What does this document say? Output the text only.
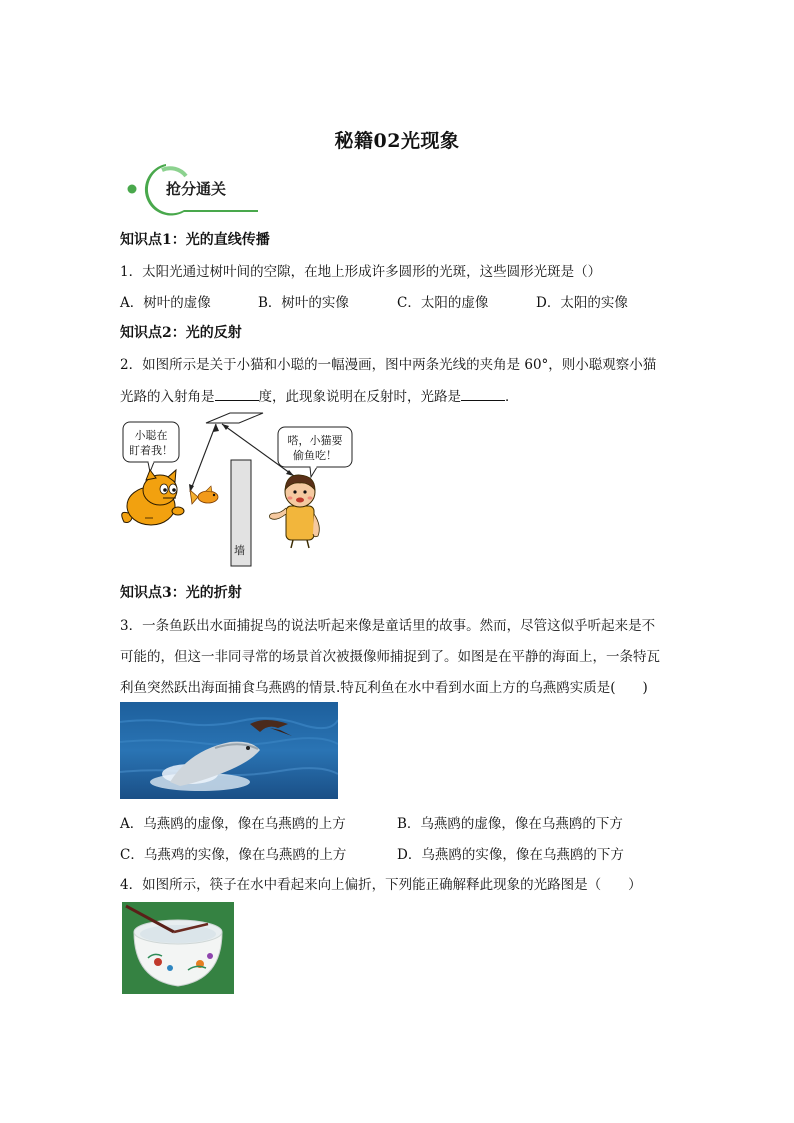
秘籍02光现象
抢分通关
知识点1：光的直线传播
1．太阳光通过树叶间的空隙，在地上形成许多圆形的光斑，这些圆形光斑是（）
A．树叶的虚像	B．树叶的实像	C．太阳的虚像	D．太阳的实像
知识点2：光的反射
2．如图所示是关于小猫和小聪的一幅漫画，图中两条光线的夹角是 60°，则小聪观察小猫
光路的入射角是	度，此现象说明在反射时，光路是	．
小聪在
盯着我！
嗒，小猫要
偷鱼吃！
墙
知识点3：光的折射
3．一条鱼跃出水面捕捉鸟的说法听起来像是童话里的故事。然而，尽管这似乎听起来是不
可能的，但这一非同寻常的场景首次被摄像师捕捉到了。如图是在平静的海面上，一条特瓦
利鱼突然跃出海面捕食乌燕鸥的情景.特瓦利鱼在水中看到水面上方的乌燕鸥实质是(　　)
A．乌燕鸥的虚像，像在乌燕鸥的上方	B．乌燕鸥的虚像，像在乌燕鸥的下方
C．乌燕鸡的实像，像在乌燕鸥的上方	D．乌燕鸥的实像，像在乌燕鸥的下方
4．如图所示，筷子在水中看起来向上偏折，下列能正确解释此现象的光路图是（　　）
